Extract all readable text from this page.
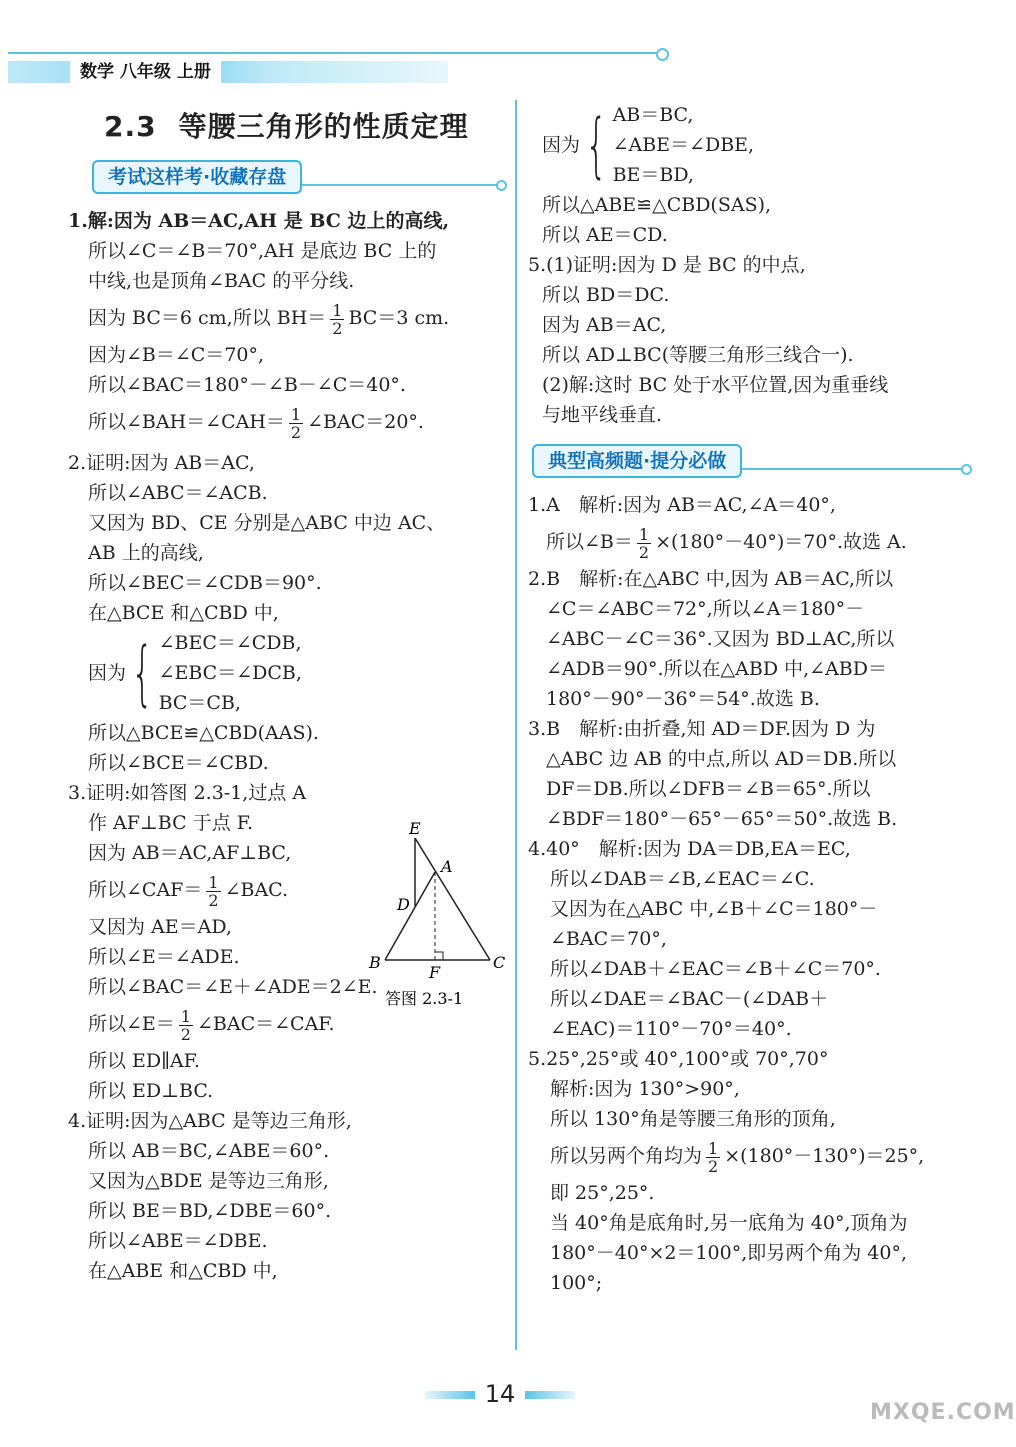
数学 八年级 上册
2.3 等腰三角形的性质定理
考试这样考·收藏存盘
1.解:因为 AB＝AC,AH 是 BC 边上的高线,
所以∠C＝∠B＝70°,AH 是底边 BC 上的
中线,也是顶角∠BAC 的平分线.
因为 BC＝6 cm,所以 $BH= \frac{1}{2} BC=3$ cm.
因为∠B＝∠C＝70°,
所以∠BAC＝180°－∠B－∠C＝40°.
所以∠BAH＝∠CAH＝ $\frac{1}{2}$ ∠BAC＝20°.
2.证明:因为 AB＝AC,
所以∠ABC＝∠ACB.
又因为 BD、CE 分别是△ABC 中边 AC、
AB 上的高线,
所以∠BEC＝∠CDB＝90°.
在△BCE 和△CBD 中,
因为 { ∠BEC＝∠CDB,
∠EBC＝∠DCB,
BC＝CB,
所以△BCE≌△CBD(AAS).
所以∠BCE＝∠CBD.
3.证明:如答图 2.3-1,过点 A
作 AF⊥BC 于点 F.
因为 AB＝AC,AF⊥BC,
所以∠CAF＝ $\frac{1}{2}$ ∠BAC.
又因为 AE＝AD,
所以∠E＝∠ADE.
所以∠BAC＝∠E＋∠ADE＝2∠E.
所以∠E＝ $\frac{1}{2}$ ∠BAC＝∠CAF.
所以 ED∥AF.
所以 ED⊥BC.
4.证明:因为△ABC 是等边三角形,
所以 AB＝BC,∠ABE＝60°.
又因为△BDE 是等边三角形,
所以 BE＝BD,∠DBE＝60°.
所以∠ABE＝∠DBE.
在△ABE 和△CBD 中,
E
A
D
B
F
C
答图 2.3-1
因为 { AB＝BC,
∠ABE＝∠DBE,
BE＝BD,
所以△ABE≌△CBD(SAS),
所以 AE＝CD.
5.(1)证明:因为 D 是 BC 的中点,
所以 BD＝DC.
因为 AB＝AC,
所以 AD⊥BC(等腰三角形三线合一).
(2)解:这时 BC 处于水平位置,因为重垂线
与地平线垂直.
典型高频题·提分必做
1.A　解析:因为 AB＝AC,∠A＝40°,
所以∠B＝ $\frac{1}{2} \times(180^\circ-40^\circ)=70^\circ$.故选 A.
2.B　解析:在△ABC 中,因为 AB＝AC,所以
∠C＝∠ABC＝72°,所以∠A＝180°－
∠ABC－∠C＝36°.又因为 BD⊥AC,所以
∠ADB＝90°.所以在△ABD 中,∠ABD＝
180°－90°－36°＝54°.故选 B.
3.B　解析:由折叠,知 AD＝DF.因为 D 为
△ABC 边 AB 的中点,所以 AD＝DB.所以
DF＝DB.所以∠DFB＝∠B＝65°.所以
∠BDF＝180°－65°－65°＝50°.故选 B.
4.40°　解析:因为 DA＝DB,EA＝EC,
所以∠DAB＝∠B,∠EAC＝∠C.
又因为在△ABC 中,∠B＋∠C＝180°－
∠BAC＝70°,
所以∠DAB＋∠EAC＝∠B＋∠C＝70°.
所以∠DAE＝∠BAC－(∠DAB＋
∠EAC)＝110°－70°＝40°.
5.25°,25°或 40°,100°或 70°,70°
解析:因为 130°>90°,
所以 130°角是等腰三角形的顶角,
所以另两个角均为 $\frac{1}{2} \times(180^\circ-130^\circ)=25^\circ$,
即 25°,25°.
当 40°角是底角时,另一底角为 40°,顶角为
180°－40°×2＝100°,即另两个角为 40°,
100°;
14
MXQE.COM
